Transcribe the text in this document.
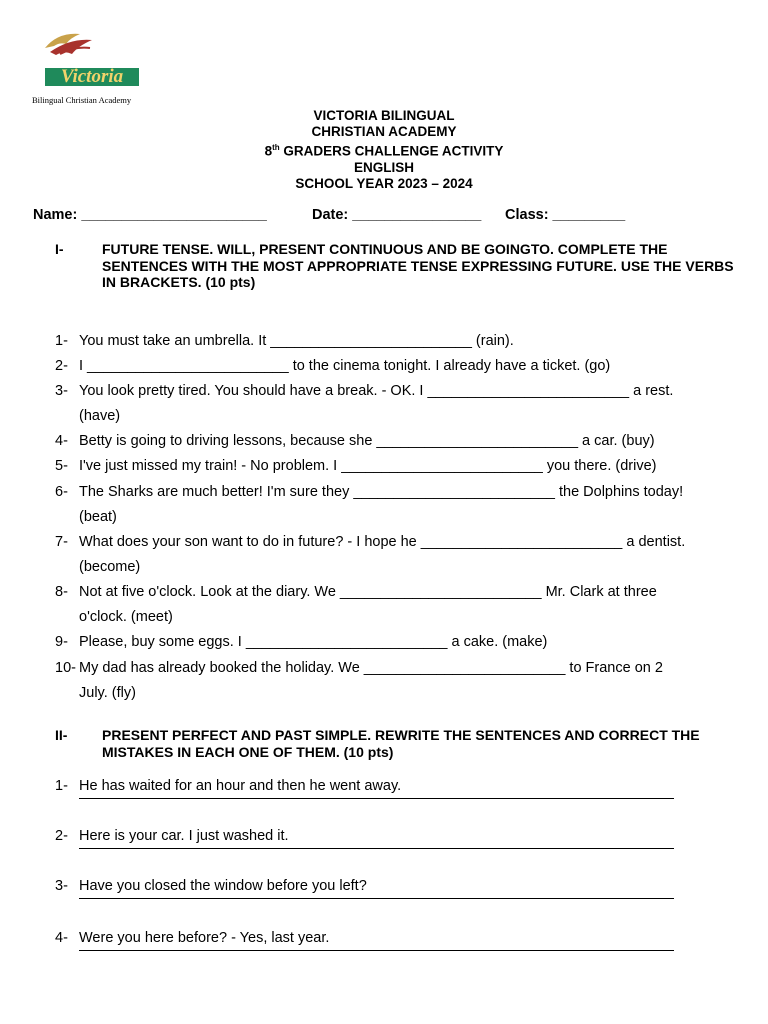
Victoria
Bilingual Christian Academy
VICTORIA BILINGUAL
CHRISTIAN ACADEMY
8th GRADERS CHALLENGE ACTIVITY
ENGLISH
SCHOOL YEAR 2023 – 2024
Name: _______________________	Date: ________________ Class: _________
I-	FUTURE TENSE. WILL, PRESENT CONTINUOUS AND BE GOINGTO. COMPLETE THE SENTENCES WITH THE MOST APPROPRIATE TENSE EXPRESSING FUTURE. USE THE VERBS IN BRACKETS. (10 pts)
1- You must take an umbrella. It _________________________ (rain).
2- I _________________________ to the cinema tonight. I already have a ticket. (go)
3- You look pretty tired. You should have a break. - OK. I _________________________ a rest.
(have)
4- Betty is going to driving lessons, because she _________________________ a car. (buy)
5- I've just missed my train! - No problem. I _________________________ you there. (drive)
6- The Sharks are much better! I'm sure they _________________________ the Dolphins today!
(beat)
7- What does your son want to do in future? - I hope he _________________________ a dentist.
(become)
8- Not at five o'clock. Look at the diary. We _________________________ Mr. Clark at three
o'clock. (meet)
9- Please, buy some eggs. I _________________________ a cake. (make)
10- My dad has already booked the holiday. We _________________________ to France on 2
July. (fly)
II- PRESENT PERFECT AND PAST SIMPLE. REWRITE THE SENTENCES AND CORRECT THE MISTAKES IN EACH ONE OF THEM. (10 pts)
1- He has waited for an hour and then he went away.
2- Here is your car. I just washed it.
3- Have you closed the window before you left?
4- Were you here before? - Yes, last year.
